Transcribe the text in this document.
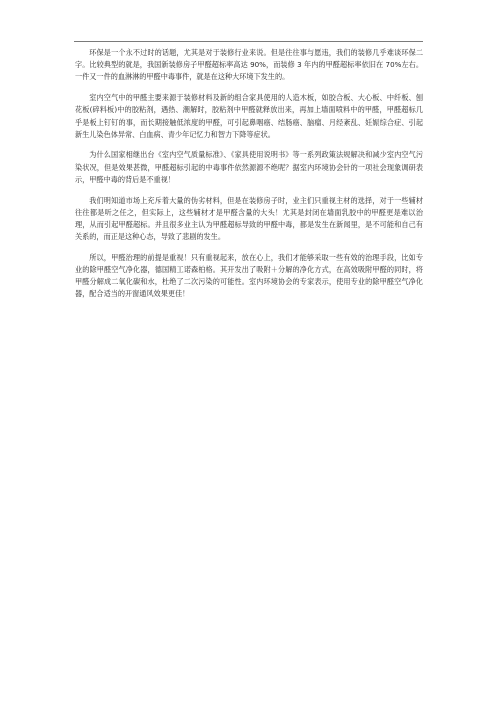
环保是一个永不过时的话题，尤其是对于装修行业来说。但是往往事与愿违，我们的装修几乎难谈环保二字。比较典型的就是，我国新装修房子甲醛超标率高达 90%，而装修 3 年内的甲醛超标率依旧在 70%左右。一件又一件的血淋淋的甲醛中毒事件，就是在这种大环境下发生的。

室内空气中的甲醛主要来源于装修材料及新的组合家具使用的人造木板，如胶合板、大心板、中纤板、刨花板(碎料板)中的胶粘剂，遇热、潮解时，胶粘剂中甲醛就释放出来，再加上墙面喷料中的甲醛，甲醛超标几乎是板上钉钉的事，而长期接触低浓度的甲醛，可引起鼻咽癌、结肠癌、脑瘤、月经紊乱、妊娠综合症、引起新生儿染色体异常、白血病、青少年记忆力和智力下降等症状。

为什么国家相继出台《室内空气质量标准》、《家具使用说明书》等一系列政策法规解决和减少室内空气污染状况，但是效果甚微，甲醛超标引起的中毒事件依然源源不绝呢？据室内环境协会针的一项社会现象调研表示，甲醛中毒的背后是不重视！

我们明知道市场上充斥着大量的伪劣材料，但是在装修房子时，业主们只重视主材的选择，对于一些辅材往往都是听之任之，但实际上，这些辅材才是甲醛含量的大头！尤其是封闭在墙面乳胶中的甲醛更是难以治理，从而引起甲醛超标。并且很多业主认为甲醛超标导致的甲醛中毒，都是发生在新闻里，是不可能和自己有关系的，而正是这种心态，导致了悲剧的发生。

所以，甲醛治理的前提是重视！只有重视起来，放在心上，我们才能够采取一些有效的治理手段，比如专业的除甲醛空气净化器，德国精工诺森柏格。其开发出了吸附＋分解的净化方式，在高效吸附甲醛的同时，将甲醛分解成二氧化碳和水，杜绝了二次污染的可能性。室内环境协会的专家表示，使用专业的除甲醛空气净化器，配合适当的开窗通风效果更佳！
